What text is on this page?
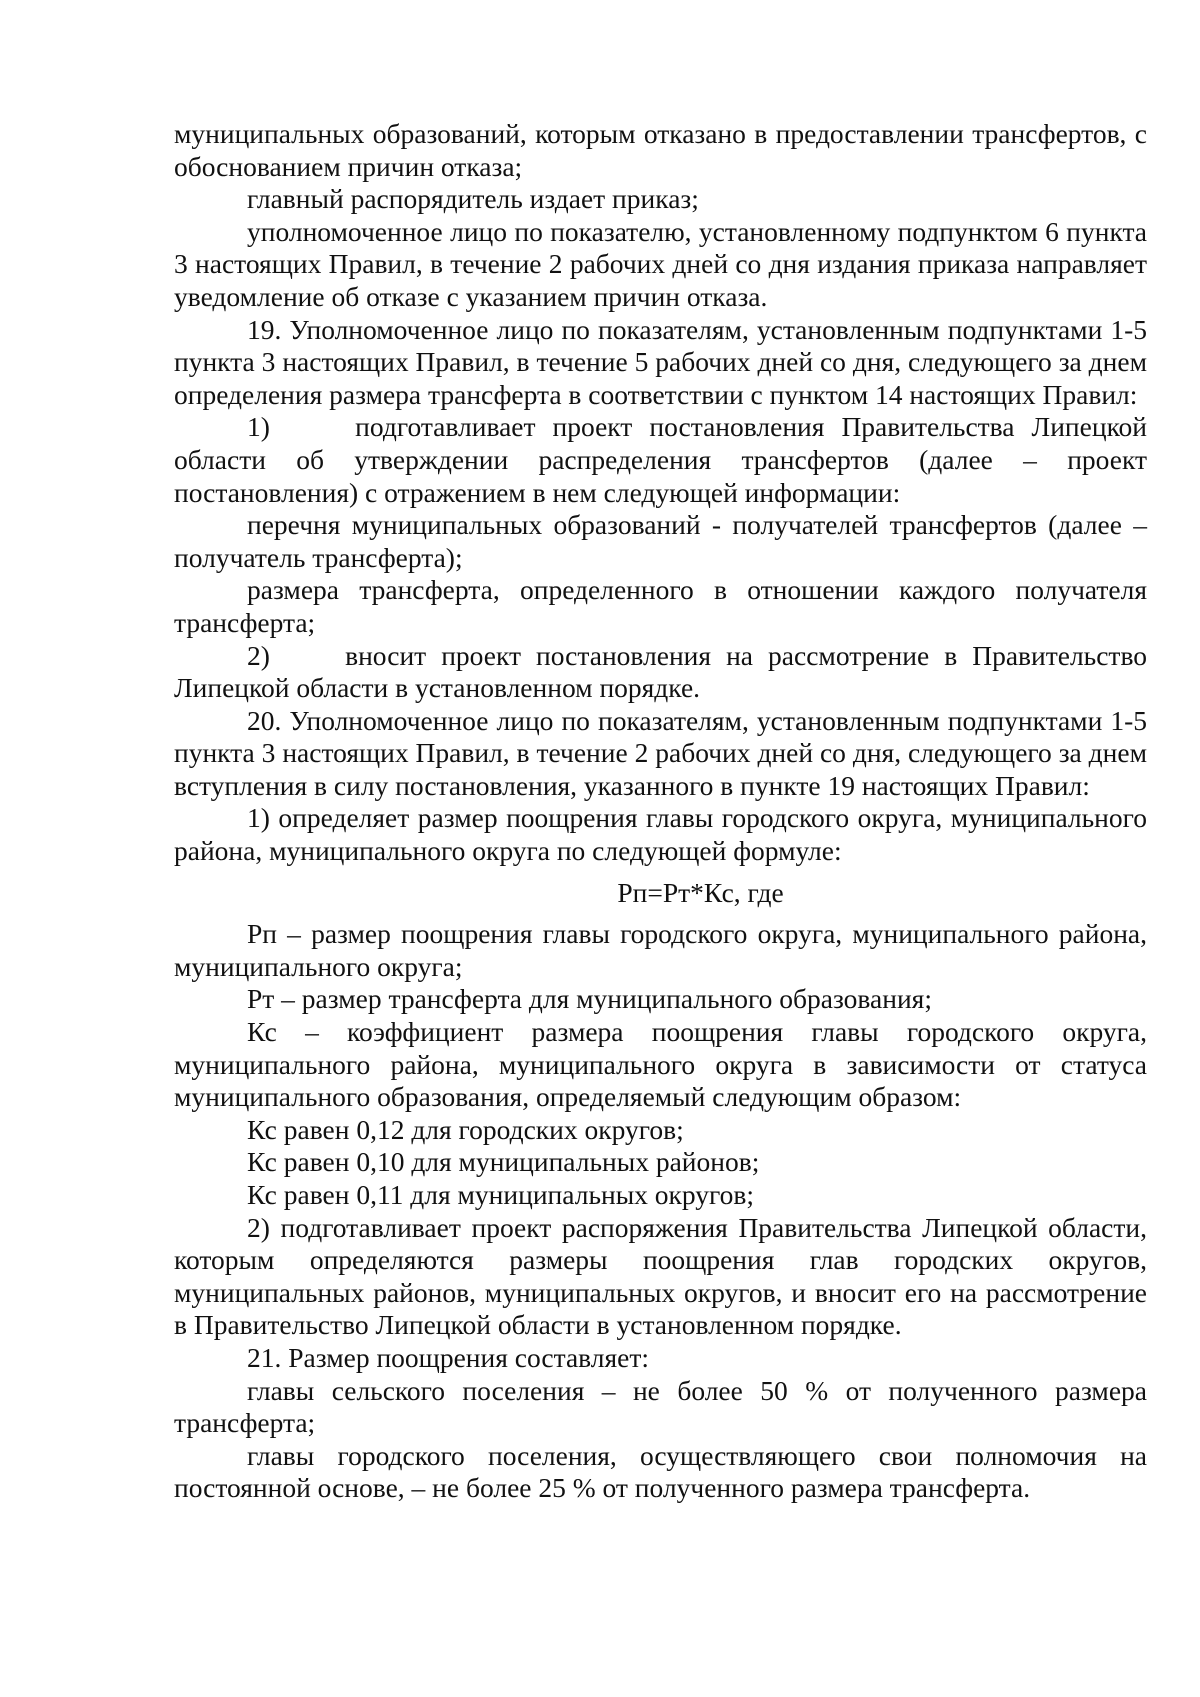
муниципальных образований, которым отказано в предоставлении трансфертов, с обоснованием причин отказа;

главный распорядитель издает приказ;

уполномоченное лицо по показателю, установленному подпунктом 6 пункта 3 настоящих Правил, в течение 2 рабочих дней со дня издания приказа направляет уведомление об отказе с указанием причин отказа.

19. Уполномоченное лицо по показателям, установленным подпунктами 1-5 пункта 3 настоящих Правил, в течение 5 рабочих дней со дня, следующего за днем определения размера трансферта в соответствии с пунктом 14 настоящих Правил:

1)     подготавливает проект постановления Правительства Липецкой области об утверждении распределения трансфертов (далее – проект постановления) с отражением в нем следующей информации:

перечня муниципальных образований - получателей трансфертов (далее – получатель трансферта);

размера трансферта, определенного в отношении каждого получателя трансферта;

2)     вносит проект постановления на рассмотрение в Правительство Липецкой области в установленном порядке.

20. Уполномоченное лицо по показателям, установленным подпунктами 1-5 пункта 3 настоящих Правил, в течение 2 рабочих дней со дня, следующего за днем вступления в силу постановления, указанного в пункте 19 настоящих Правил:

1) определяет размер поощрения главы городского округа, муниципального района, муниципального округа по следующей формуле:

Рп=Рт*Кс, где

Рп – размер поощрения главы городского округа, муниципального района, муниципального округа;

Рт – размер трансферта для муниципального образования;

Кс – коэффициент размера поощрения главы городского округа, муниципального района, муниципального округа в зависимости от статуса муниципального образования, определяемый следующим образом:

Кс равен 0,12 для городских округов;

Кс равен 0,10 для муниципальных районов;

Кс равен 0,11 для муниципальных округов;

2) подготавливает проект распоряжения Правительства Липецкой области, которым определяются размеры поощрения глав городских округов, муниципальных районов, муниципальных округов, и вносит его на рассмотрение в Правительство Липецкой области в установленном порядке.

21. Размер поощрения составляет:

главы сельского поселения – не более 50 % от полученного размера трансферта;

главы городского поселения, осуществляющего свои полномочия на постоянной основе, – не более 25 % от полученного размера трансферта.
